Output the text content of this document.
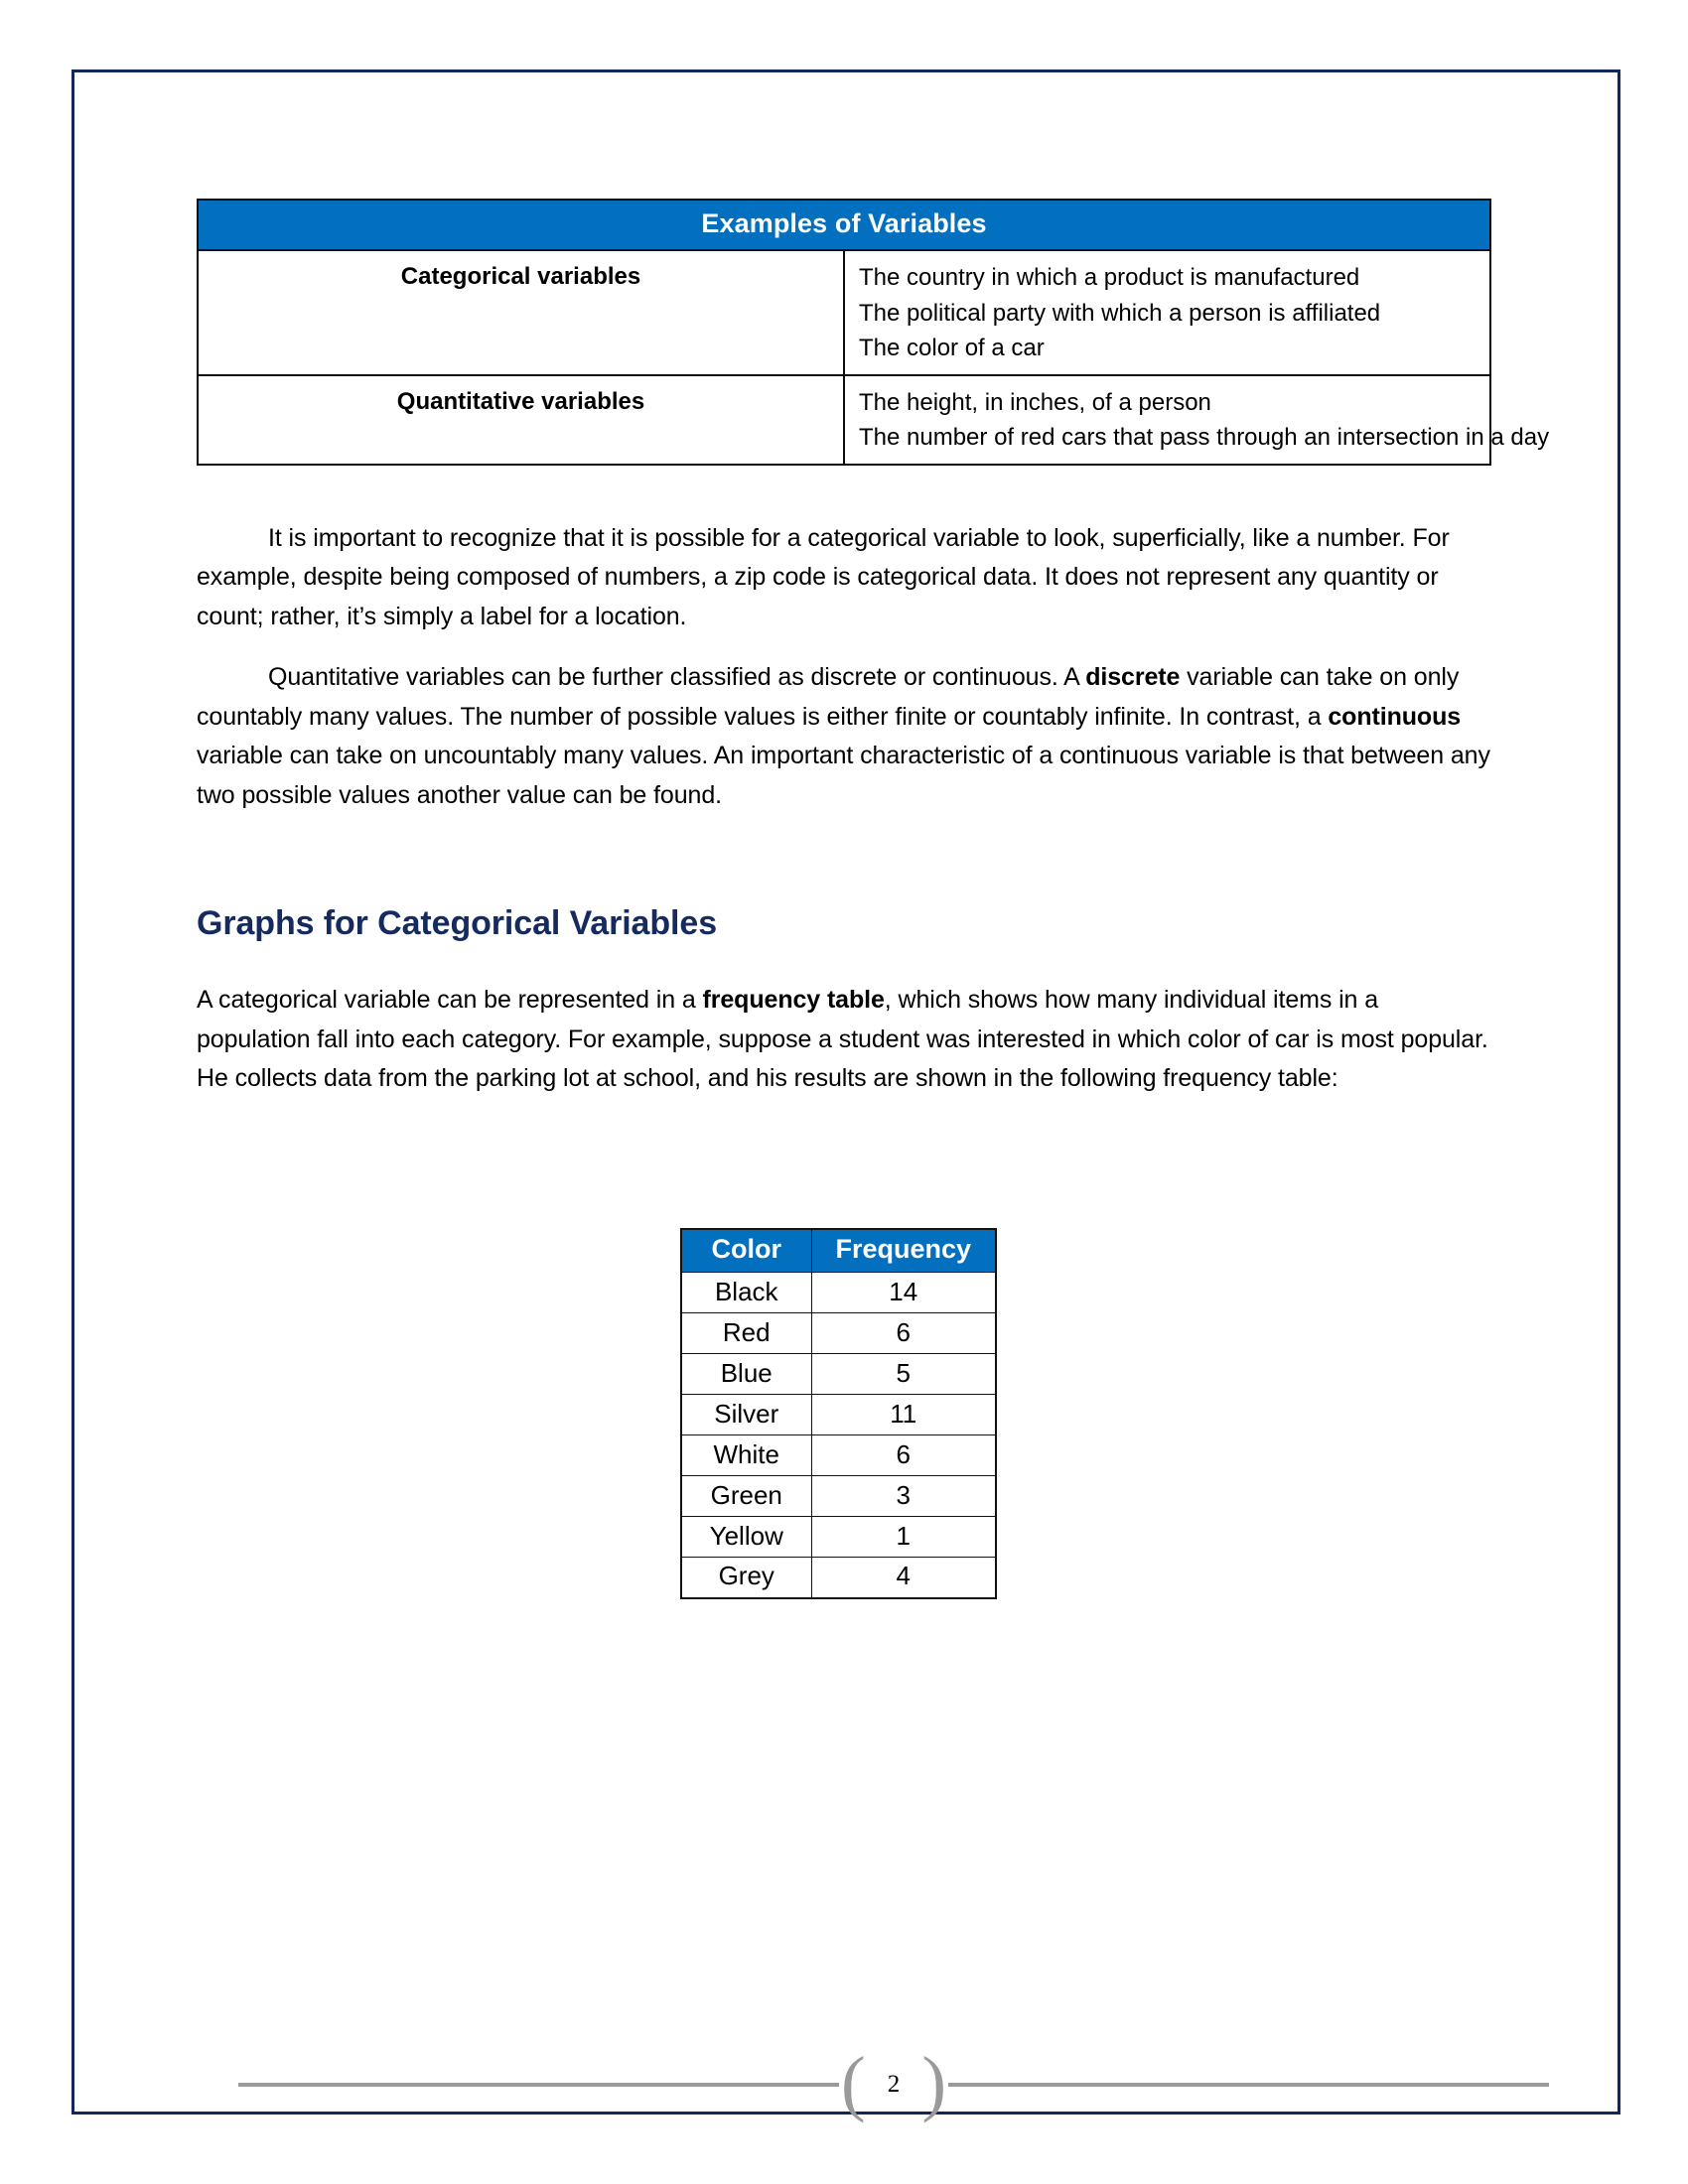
Examples of Variables	
Categorical variables	The country in which a product is manufactured
The political party with which a person is affiliated
The color of a car

Quantitative variables	The height, in inches, of a person
The number of red cars that pass through an intersection in a day

It is important to recognize that it is possible for a categorical variable to look, superficially, like a number. For example, despite being composed of numbers, a zip code is categorical data. It does not represent any quantity or count; rather, it’s simply a label for a location.

Quantitative variables can be further classified as discrete or continuous. A discrete variable can take on only countably many values. The number of possible values is either finite or countably infinite. In contrast, a continuous variable can take on uncountably many values. An important characteristic of a continuous variable is that between any two possible values another value can be found.

Graphs for Categorical Variables

A categorical variable can be represented in a frequency table, which shows how many individual items in a population fall into each category. For example, suppose a student was interested in which color of car is most popular. He collects data from the parking lot at school, and his results are shown in the following frequency table:

Color	Frequency
Black	14
Red	6
Blue	5
Silver	11
White	6
Green	3
Yellow	1
Grey	4
( 2 )
